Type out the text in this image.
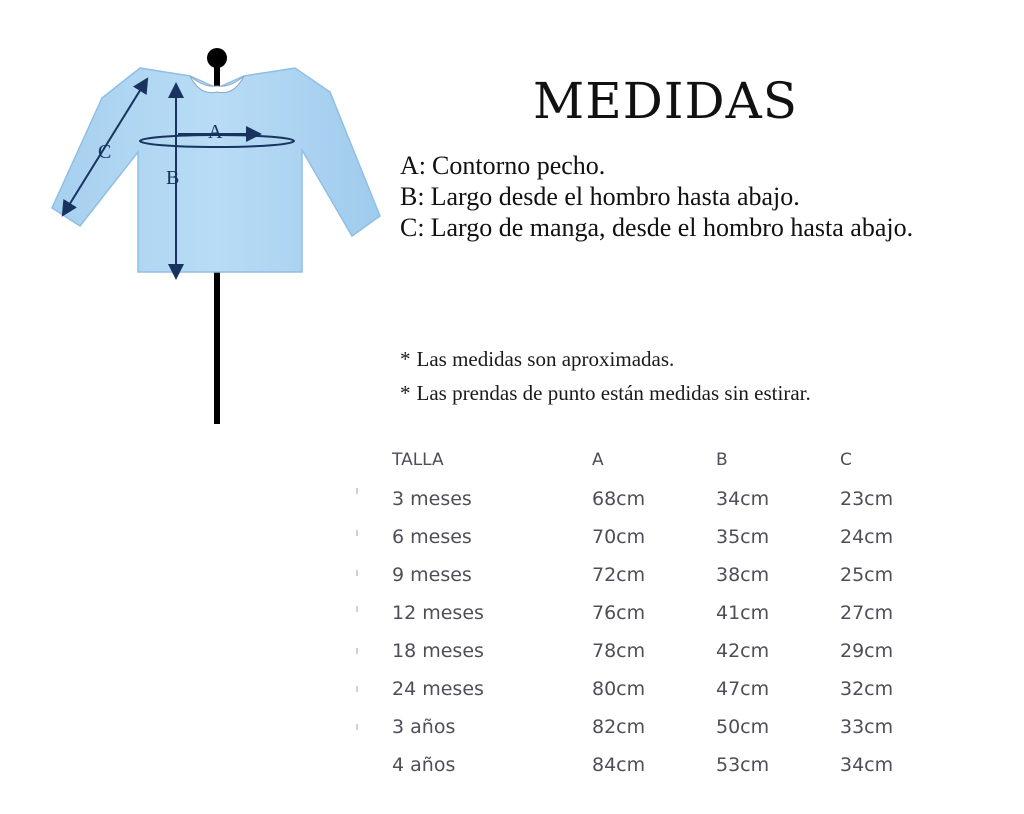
A
B
C
MEDIDAS
A: Contorno pecho.
B: Largo desde el hombro hasta abajo.
C: Largo de manga, desde el hombro hasta abajo.
* Las medidas son aproximadas.
* Las prendas de punto están medidas sin estirar.
TALLA	A	B	C
3 meses	68cm	34cm	23cm
6 meses	70cm	35cm	24cm
9 meses	72cm	38cm	25cm
12 meses	76cm	41cm	27cm
18 meses	78cm	42cm	29cm
24 meses	80cm	47cm	32cm
3 años	82cm	50cm	33cm
4 años	84cm	53cm	34cm
